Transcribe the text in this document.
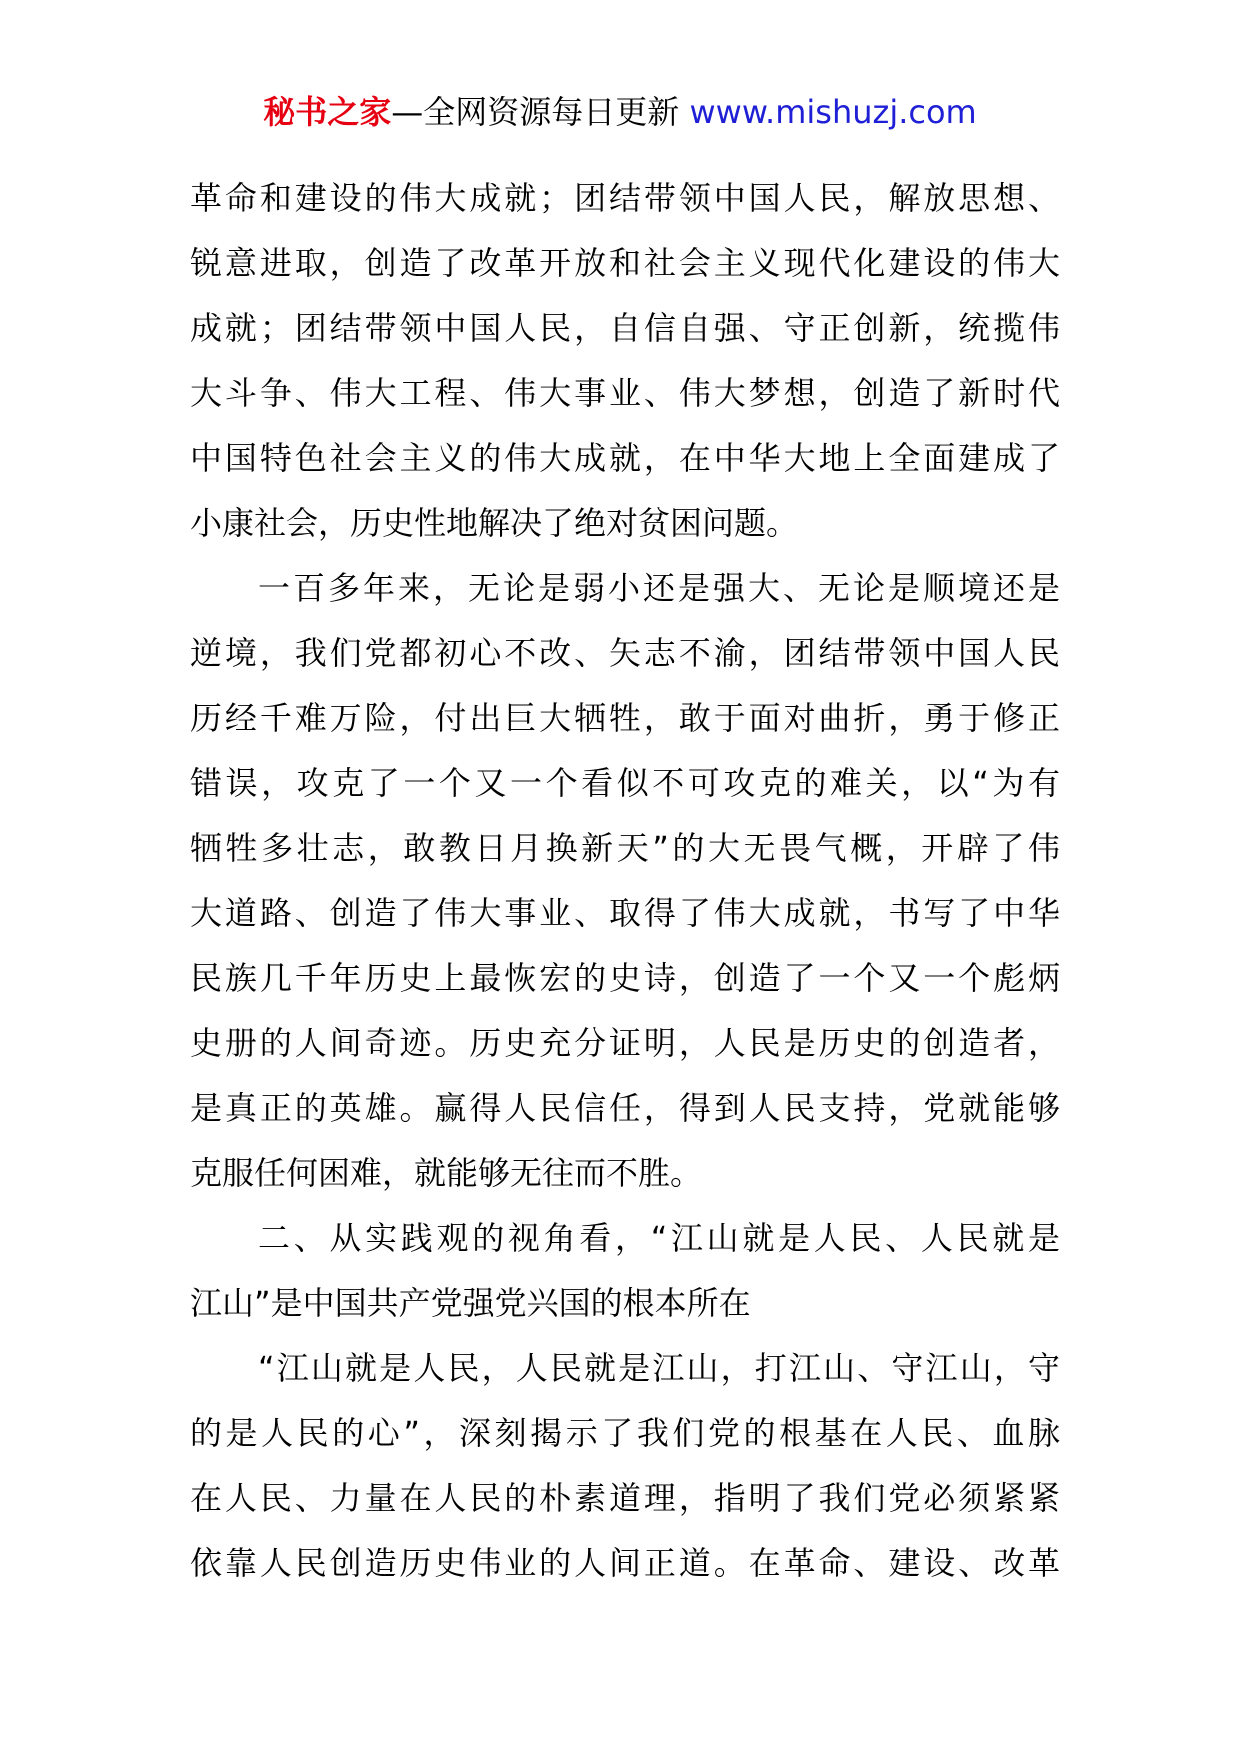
秘书之家—全网资源每日更新 www.mishuzj.com
革命和建设的伟大成就；团结带领中国人民，解放思想、
锐意进取，创造了改革开放和社会主义现代化建设的伟大
成就；团结带领中国人民，自信自强、守正创新，统揽伟
大斗争、伟大工程、伟大事业、伟大梦想，创造了新时代
中国特色社会主义的伟大成就，在中华大地上全面建成了
小康社会，历史性地解决了绝对贫困问题。
一百多年来，无论是弱小还是强大、无论是顺境还是
逆境，我们党都初心不改、矢志不渝，团结带领中国人民
历经千难万险，付出巨大牺牲，敢于面对曲折，勇于修正
错误，攻克了一个又一个看似不可攻克的难关，以“为有
牺牲多壮志，敢教日月换新天”的大无畏气概，开辟了伟
大道路、创造了伟大事业、取得了伟大成就，书写了中华
民族几千年历史上最恢宏的史诗，创造了一个又一个彪炳
史册的人间奇迹。历史充分证明，人民是历史的创造者，
是真正的英雄。赢得人民信任，得到人民支持，党就能够
克服任何困难，就能够无往而不胜。
二、从实践观的视角看，“江山就是人民、人民就是
江山”是中国共产党强党兴国的根本所在
“江山就是人民，人民就是江山，打江山、守江山，守
的是人民的心”，深刻揭示了我们党的根基在人民、血脉
在人民、力量在人民的朴素道理，指明了我们党必须紧紧
依靠人民创造历史伟业的人间正道。在革命、建设、改革
